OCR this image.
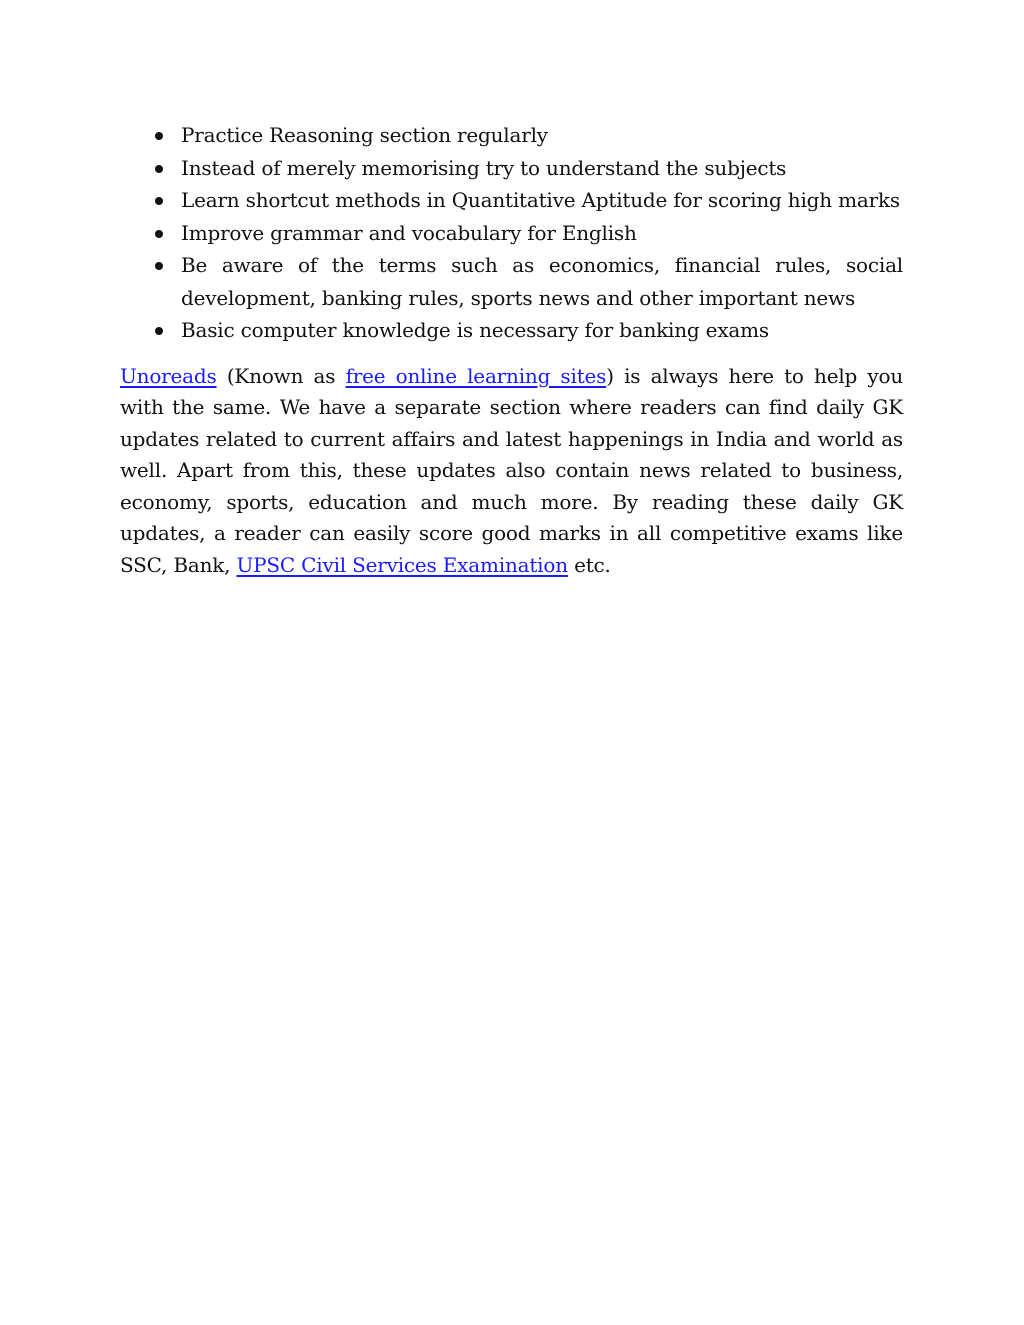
Practice Reasoning section regularly
Instead of merely memorising try to understand the subjects
Learn shortcut methods in Quantitative Aptitude for scoring high marks
Improve grammar and vocabulary for English
Be aware of the terms such as economics, financial rules, social development, banking rules, sports news and other important news
Basic computer knowledge is necessary for banking exams

Unoreads (Known as free online learning sites) is always here to help you with the same. We have a separate section where readers can find daily GK updates related to current affairs and latest happenings in India and world as well. Apart from this, these updates also contain news related to business, economy, sports, education and much more. By reading these daily GK updates, a reader can easily score good marks in all competitive exams like SSC, Bank, UPSC Civil Services Examination etc.
